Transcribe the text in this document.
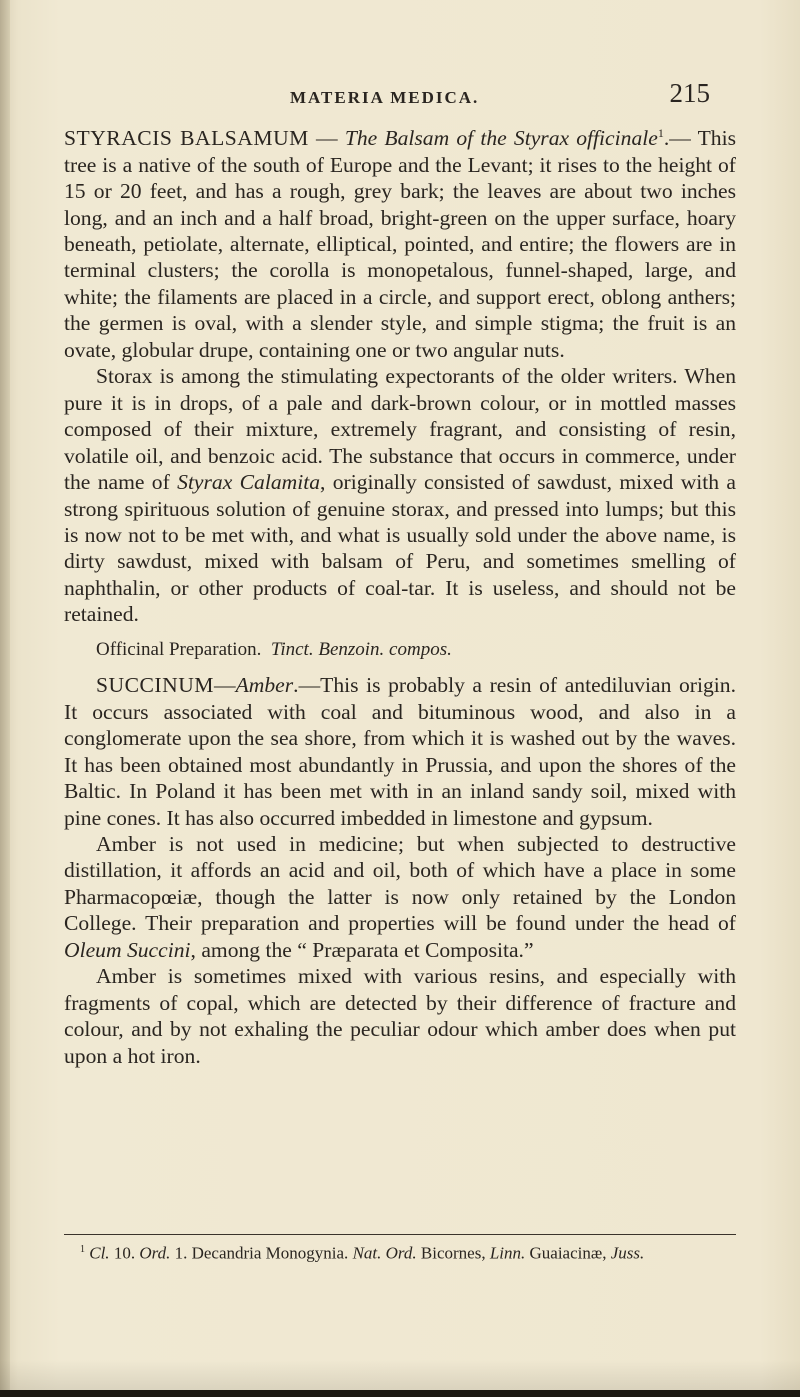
MATERIA MEDICA.	215

STYRACIS BALSAMUM — The Balsam of the Styrax officinale$^1$.— This tree is a native of the south of Europe and the Levant; it rises to the height of 15 or 20 feet, and has a rough, grey bark; the leaves are about two inches long, and an inch and a half broad, bright-green on the upper surface, hoary beneath, petiolate, alternate, elliptical, pointed, and entire; the flowers are in terminal clusters; the corolla is monopetalous, funnel-shaped, large, and white; the filaments are placed in a circle, and support erect, oblong anthers; the germen is oval, with a slender style, and simple stigma; the fruit is an ovate, globular drupe, containing one or two angular nuts.

Storax is among the stimulating expectorants of the older writers. When pure it is in drops, of a pale and dark-brown colour, or in mottled masses composed of their mixture, extremely fragrant, and consisting of resin, volatile oil, and benzoic acid. The substance that occurs in commerce, under the name of Styrax Calamita, originally consisted of sawdust, mixed with a strong spirituous solution of genuine storax, and pressed into lumps; but this is now not to be met with, and what is usually sold under the above name, is dirty sawdust, mixed with balsam of Peru, and sometimes smelling of naphthalin, or other products of coal-tar. It is useless, and should not be retained.

Officinal Preparation. Tinct. Benzoin. compos.

SUCCINUM—Amber.—This is probably a resin of antediluvian origin. It occurs associated with coal and bituminous wood, and also in a conglomerate upon the sea shore, from which it is washed out by the waves. It has been obtained most abundantly in Prussia, and upon the shores of the Baltic. In Poland it has been met with in an inland sandy soil, mixed with pine cones. It has also occurred imbedded in limestone and gypsum.

Amber is not used in medicine; but when subjected to destructive distillation, it affords an acid and oil, both of which have a place in some Pharmacopœiæ, though the latter is now only retained by the London College. Their preparation and properties will be found under the head of Oleum Succini, among the “ Præparata et Composita.”

Amber is sometimes mixed with various resins, and especially with fragments of copal, which are detected by their difference of fracture and colour, and by not exhaling the peculiar odour which amber does when put upon a hot iron.

$^1$ Cl. 10. Ord. 1. Decandria Monogynia. Nat. Ord. Bicornes, Linn. Guaiacinæ, Juss.
